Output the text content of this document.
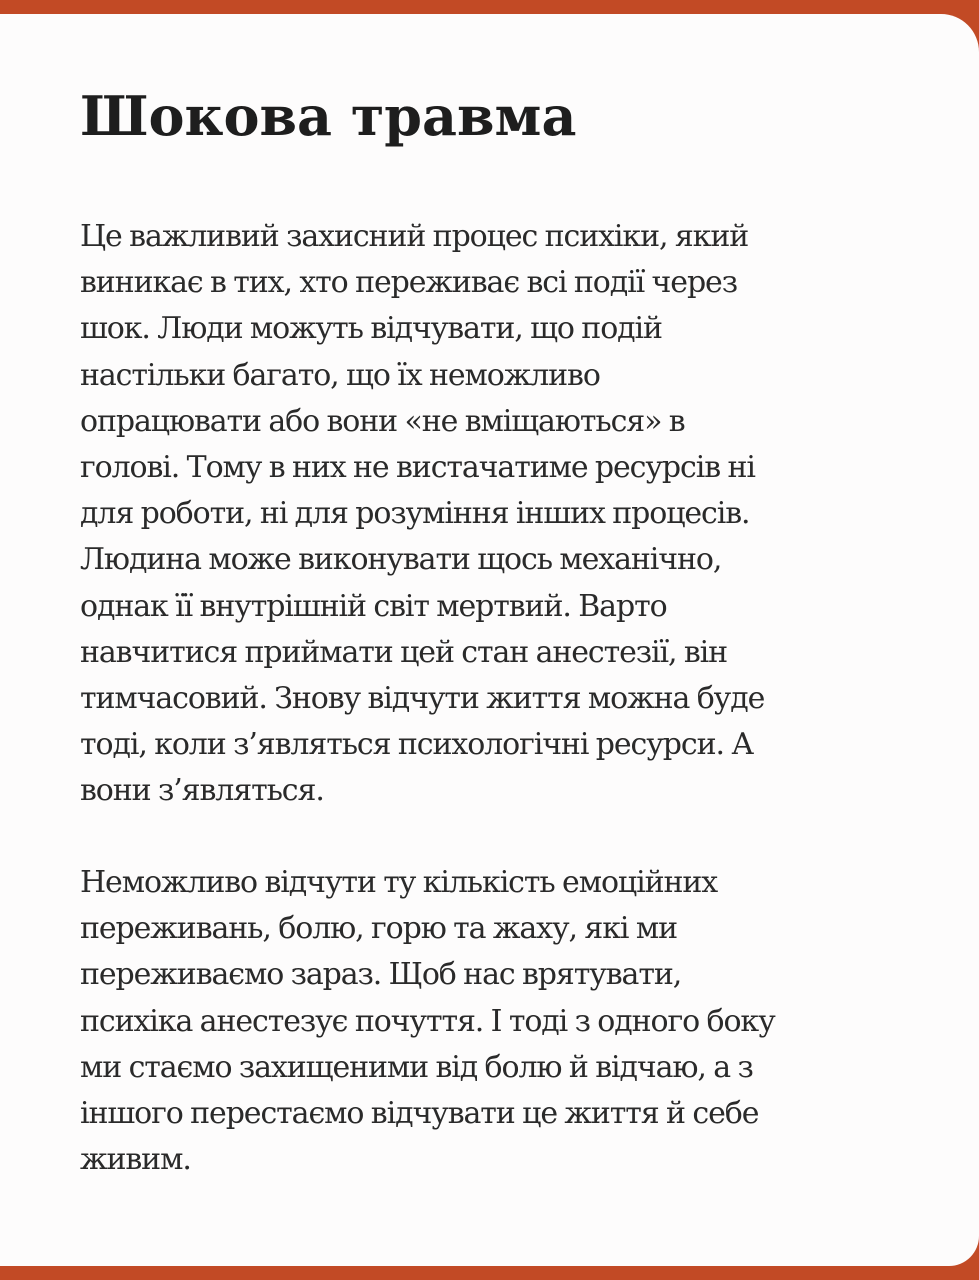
Шокова травма
Це важливий захисний процес психіки, який
виникає в тих, хто переживає всі події через
шок. Люди можуть відчувати, що подій
настільки багато, що їх неможливо
опрацювати або вони «не вміщаються» в
голові. Тому в них не вистачатиме ресурсів ні
для роботи, ні для розуміння інших процесів.
Людина може виконувати щось механічно,
однак її внутрішній світ мертвий. Варто
навчитися приймати цей стан анестезії, він
тимчасовий. Знову відчути життя можна буде
тоді, коли з’являться психологічні ресурси. А
вони з’являться.
Неможливо відчути ту кількість емоційних
переживань, болю, горю та жаху, які ми
переживаємо зараз. Щоб нас врятувати,
психіка анестезує почуття. І тоді з одного боку
ми стаємо захищеними від болю й відчаю, а з
іншого перестаємо відчувати це життя й себе
живим.
